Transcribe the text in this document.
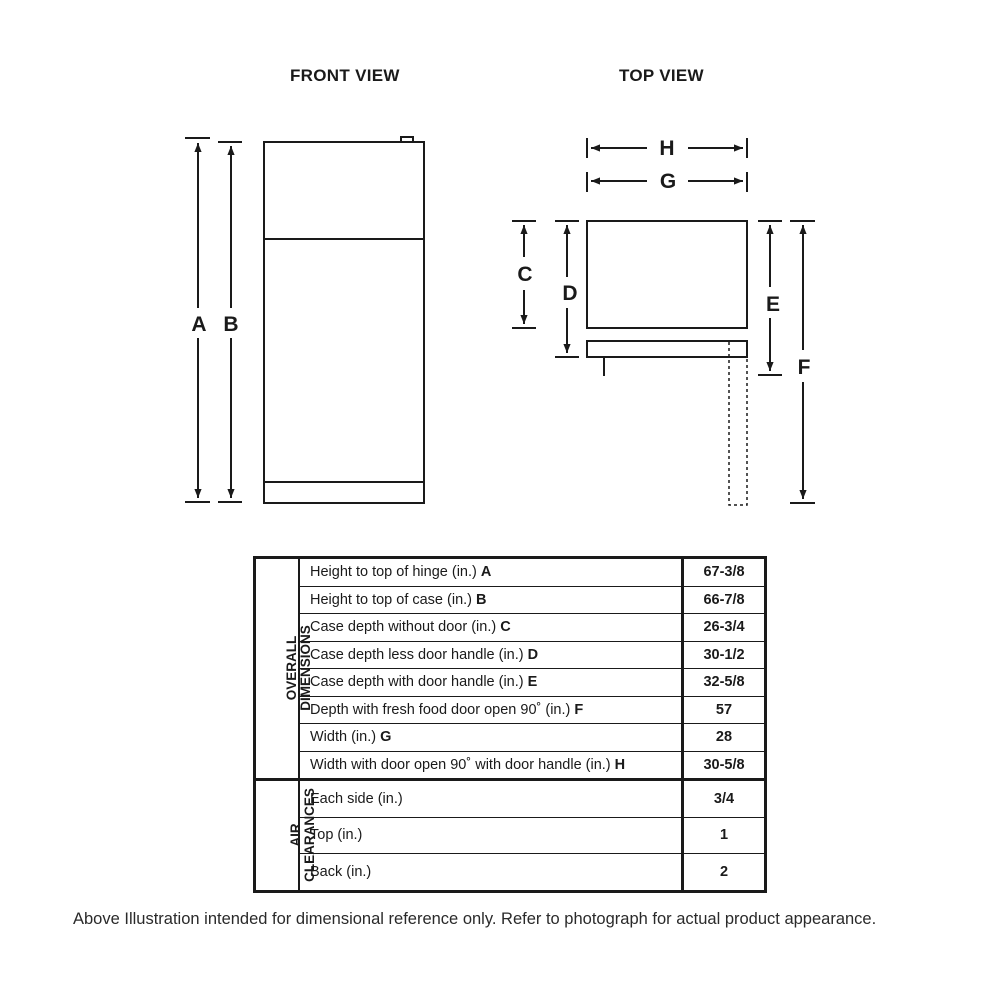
FRONT VIEW	TOP VIEW
A B
H
G
C
D	E
F
OVERALL DIMENSIONS	Height to top of hinge (in.) A	67-3/8
	Height to top of case (in.) B	66-7/8
	Case depth without door (in.) C	26-3/4
	Case depth less door handle (in.) D	30-1/2
	Case depth with door handle (in.) E	32-5/8
	Depth with fresh food door open 90˚ (in.) F	57
	Width (in.) G	28
	Width with door open 90˚ with door handle (in.) H	30-5/8

AIR CLEARANCES	Each side (in.)	3/4
	Top (in.)	1
	Back (in.)	2
Above Illustration intended for dimensional reference only. Refer to photograph for actual product appearance.
